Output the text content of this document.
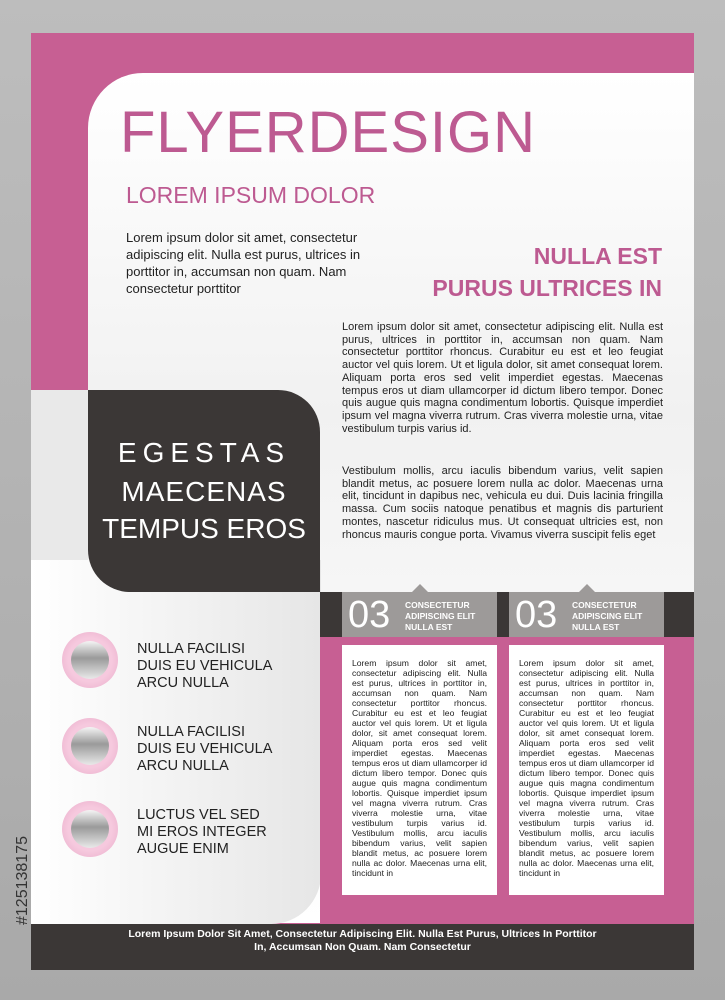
FLYERDESIGN
LOREM IPSUM DOLOR
Lorem ipsum dolor sit amet, consectetur adipiscing elit. Nulla est purus, ultrices in porttitor in, accumsan non quam. Nam consectetur porttitor
NULLA EST
PURUS ULTRICES IN
Lorem ipsum dolor sit amet, consectetur adipiscing elit. Nulla est purus, ultrices in porttitor in, accumsan non quam. Nam consectetur porttitor rhoncus. Curabitur eu est et leo feugiat auctor vel quis lorem. Ut et ligula dolor, sit amet consequat lorem. Aliquam porta eros sed velit imperdiet egestas. Maecenas tempus eros ut diam ullamcorper id dictum libero tempor. Donec quis augue quis magna condimentum lobortis. Quisque imperdiet ipsum vel magna viverra rutrum. Cras viverra molestie urna, vitae vestibulum turpis varius id.
Vestibulum mollis, arcu iaculis bibendum varius, velit sapien blandit metus, ac posuere lorem nulla ac dolor. Maecenas urna elit, tincidunt in dapibus nec, vehicula eu dui. Duis lacinia fringilla massa. Cum sociis natoque penatibus et magnis dis parturient montes, nascetur ridiculus mus. Ut consequat ultricies est, non rhoncus mauris congue porta. Vivamus viverra suscipit felis eget
EGESTAS
MAECENAS
TEMPUS EROS
NULLA FACILISI
DUIS EU VEHICULA
ARCU NULLA
NULLA FACILISI
DUIS EU VEHICULA
ARCU NULLA
LUCTUS VEL SED
MI EROS INTEGER
AUGUE ENIM
03 CONSECTETUR
ADIPISCING ELIT
NULLA EST	03 CONSECTETUR
ADIPISCING ELIT
NULLA EST
Lorem ipsum dolor sit amet, consectetur adipiscing elit. Nulla est purus, ultrices in porttitor in, accumsan non quam. Nam consectetur porttitor rhoncus. Curabitur eu est et leo feugiat auctor vel quis lorem. Ut et ligula dolor, sit amet consequat lorem. Aliquam porta eros sed velit imperdiet egestas. Maecenas tempus eros ut diam ullamcorper id dictum libero tempor. Donec quis augue quis magna condimentum lobortis. Quisque imperdiet ipsum vel magna viverra rutrum. Cras viverra molestie urna, vitae vestibulum turpis varius id. Vestibulum mollis, arcu iaculis bibendum varius, velit sapien blandit metus, ac posuere lorem nulla ac dolor. Maecenas urna elit, tincidunt in
Lorem ipsum dolor sit amet, consectetur adipiscing elit. Nulla est purus, ultrices in porttitor in, accumsan non quam. Nam consectetur porttitor rhoncus. Curabitur eu est et leo feugiat auctor vel quis lorem. Ut et ligula dolor, sit amet consequat lorem. Aliquam porta eros sed velit imperdiet egestas. Maecenas tempus eros ut diam ullamcorper id dictum libero tempor. Donec quis augue quis magna condimentum lobortis. Quisque imperdiet ipsum vel magna viverra rutrum. Cras viverra molestie urna, vitae vestibulum turpis varius id. Vestibulum mollis, arcu iaculis bibendum varius, velit sapien blandit metus, ac posuere lorem nulla ac dolor. Maecenas urna elit, tincidunt in
Lorem Ipsum Dolor Sit Amet, Consectetur Adipiscing Elit. Nulla Est Purus, Ultrices In Porttitor
In, Accumsan Non Quam. Nam Consectetur
#125138175
